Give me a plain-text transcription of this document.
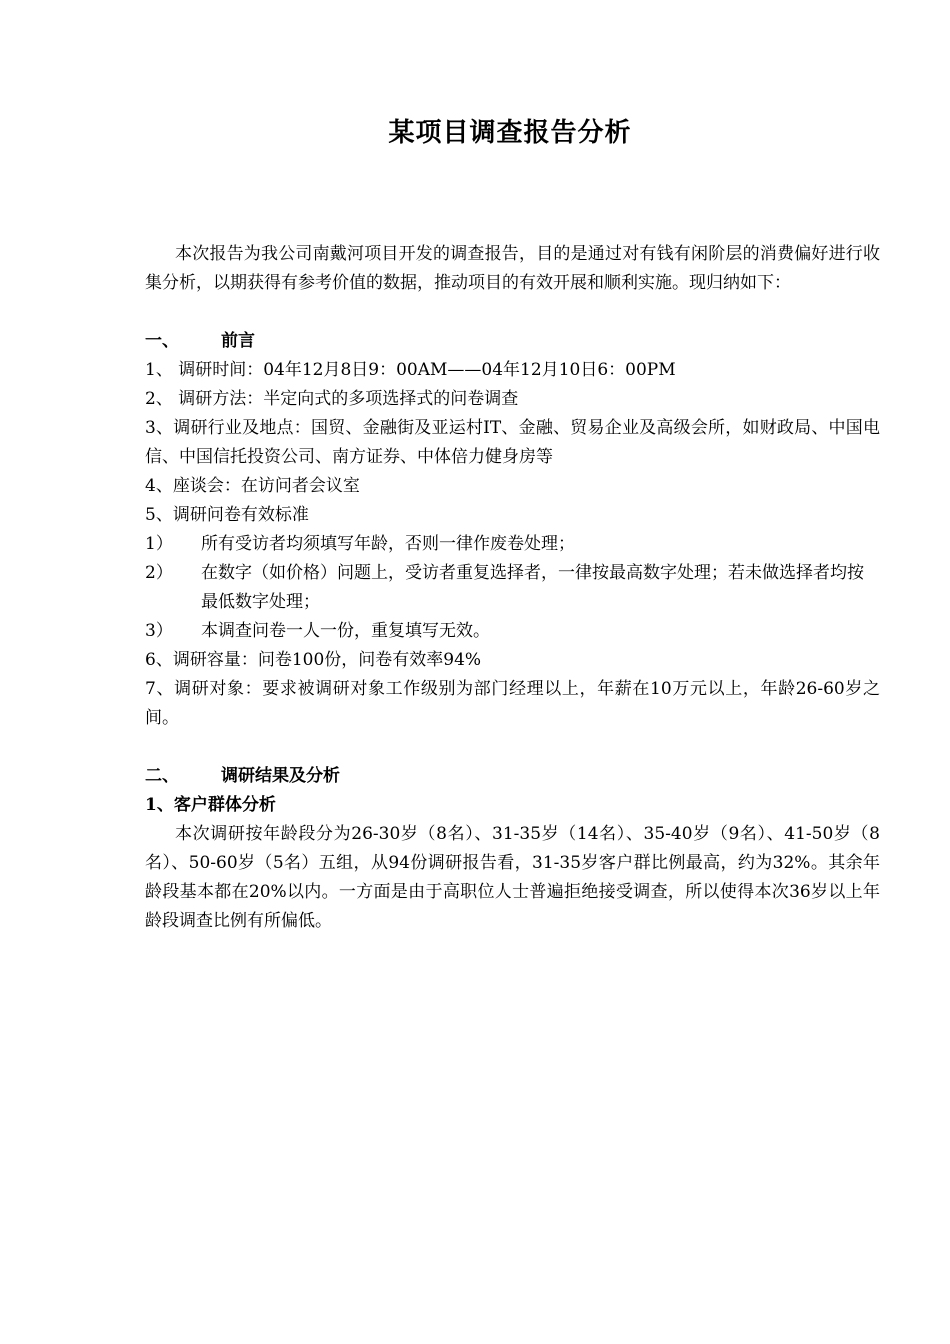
某项目调查报告分析

本次报告为我公司南戴河项目开发的调查报告，目的是通过对有钱有闲阶层的消费偏好进行收集分析，以期获得有参考价值的数据，推动项目的有效开展和顺利实施。现归纳如下：

一、 前言

1、 调研时间：04年12月8日9：00AM——04年12月10日6：00PM

2、 调研方法：半定向式的多项选择式的问卷调查

3、调研行业及地点：国贸、金融街及亚运村IT、金融、贸易企业及高级会所，如财政局、中国电信、中国信托投资公司、南方证券、中体倍力健身房等

4、座谈会：在访问者会议室

5、调研问卷有效标准

1）	所有受访者均须填写年龄，否则一律作废卷处理；
2）	在数字（如价格）问题上，受访者重复选择者，一律按最高数字处理；若未做选择者均按最低数字处理；
3）	本调查问卷一人一份，重复填写无效。

6、调研容量：问卷100份，问卷有效率94%

7、调研对象：要求被调研对象工作级别为部门经理以上，年薪在10万元以上，年龄26-60岁之间。

二、 调研结果及分析

1、客户群体分析

本次调研按年龄段分为26-30岁（8名）、31-35岁（14名）、35-40岁（9名）、41-50岁（8名）、50-60岁（5名）五组，从94份调研报告看，31-35岁客户群比例最高，约为32%。其余年龄段基本都在20%以内。一方面是由于高职位人士普遍拒绝接受调查，所以使得本次36岁以上年龄段调查比例有所偏低。
